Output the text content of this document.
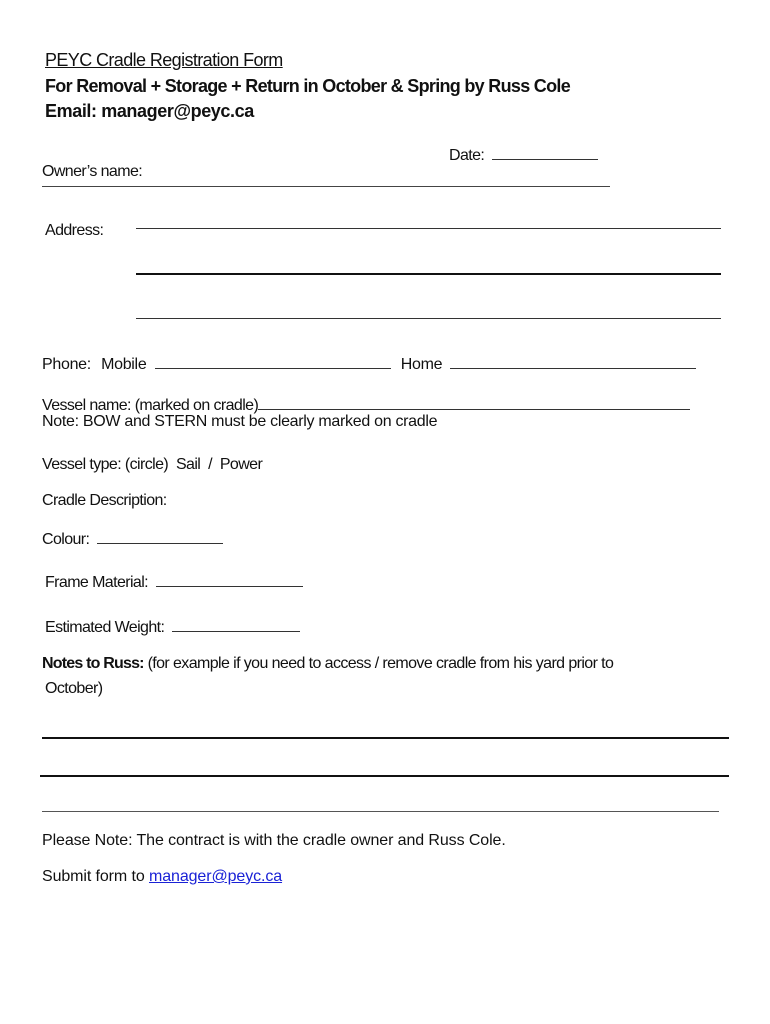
PEYC Cradle Registration Form
For Removal + Storage + Return in October & Spring by Russ Cole
Email: manager@peyc.ca
Date:
Owner’s name:
Address:
Phone: Mobile	Home
Vessel name: (marked on cradle)
Note: BOW and STERN must be clearly marked on cradle
Vessel type: (circle) Sail / Power
Cradle Description:
Colour:
Frame Material:
Estimated Weight:
Notes to Russ: (for example if you need to access / remove cradle from his yard prior to
October)
Please Note: The contract is with the cradle owner and Russ Cole.
Submit form to manager@peyc.ca
